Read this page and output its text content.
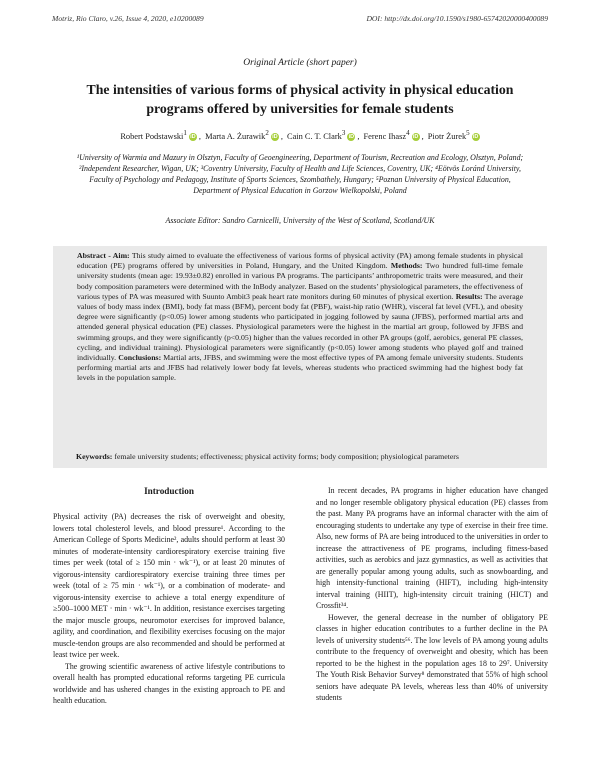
Motriz, Rio Claro, v.26, Issue 4, 2020, e10200089	DOI: http://dx.doi.org/10.1590/s1980-65742020000400089
Original Article (short paper)
The intensities of various forms of physical activity in physical education programs offered by universities for female students
Robert Podstawski$^1$ iD , Marta A. Żurawik$^2$ iD , Cain C. T. Clark$^3$ iD , Ferenc Ihasz$^4$ iD , Piotr Żurek$^5$ iD

¹University of Warmia and Mazury in Olsztyn, Faculty of Geoengineering, Department of Tourism, Recreation and Ecology, Olsztyn, Poland; ²Independent Researcher, Wigan, UK; ³Coventry University, Faculty of Health and Life Sciences, Coventry, UK; ⁴Eötvös Loránd University, Faculty of Psychology and Pedagogy, Institute of Sports Sciences, Szombathely, Hungary; ⁵Poznan University of Physical Education, Department of Physical Education in Gorzow Wielkopolski, Poland

Associate Editor: Sandro Carnicelli, University of the West of Scotland, Scotland/UK

Abstract - Aim: This study aimed to evaluate the effectiveness of various forms of physical activity (PA) among female students in physical education (PE) programs offered by universities in Poland, Hungary, and the United Kingdom. Methods: Two hundred full-time female university students (mean age: 19.93±0.82) enrolled in various PA programs. The participants’ anthropometric traits were measured, and their body composition parameters were determined with the InBody analyzer. Based on the students’ physiological parameters, the effectiveness of various types of PA was measured with Suunto Ambit3 peak heart rate monitors during 60 minutes of physical exertion. Results: The average values of body mass index (BMI), body fat mass (BFM), percent body fat (PBF), waist-hip ratio (WHR), visceral fat level (VFL), and obesity degree were significantly (p<0.05) lower among students who participated in jogging followed by sauna (JFBS), performed martial arts and attended general physical education (PE) classes. Physiological parameters were the highest in the martial art group, followed by JFBS and swimming groups, and they were significantly (p<0.05) higher than the values recorded in other PA groups (golf, aerobics, general PE classes, cycling, and individual training). Physiological parameters were significantly (p<0.05) lower among students who played golf and trained individually. Conclusions: Martial arts, JFBS, and swimming were the most effective types of PA among female university students. Students performing martial arts and JFBS had relatively lower body fat levels, whereas students who practiced swimming had the highest body fat levels in the population sample.

Keywords: female university students; effectiveness; physical activity forms; body composition; physiological parameters

Introduction

Physical activity (PA) decreases the risk of overweight and obesity, lowers total cholesterol levels, and blood pressure¹. According to the American College of Sports Medicine², adults should perform at least 30 minutes of moderate-intensity cardiorespiratory exercise training five times per week (total of ≥ 150 min · wk⁻¹), or at least 20 minutes of vigorous-intensity cardiorespiratory exercise training three times per week (total of ≥ 75 min · wk⁻¹), or a combination of moderate- and vigorous-intensity exercise to achieve a total energy expenditure of ≥500–1000 MET · min · wk⁻¹. In addition, resistance exercises targeting the major muscle groups, neuromotor exercises for improved balance, agility, and coordination, and flexibility exercises focusing on the major muscle-tendon groups are also recommended and should be performed at least twice per week.

The growing scientific awareness of active lifestyle contributions to overall health has prompted educational reforms targeting PE curricula worldwide and has ushered changes in the existing approach to PE and health education.

In recent decades, PA programs in higher education have changed and no longer resemble obligatory physical education (PE) classes from the past. Many PA programs have an informal character with the aim of encouraging students to undertake any type of exercise in their free time. Also, new forms of PA are being introduced to the universities in order to increase the attractiveness of PE programs, including fitness-based activities, such as aerobics and jazz gymnastics, as well as activities that are generally popular among young adults, such as snowboarding, and high intensity-functional training (HIFT), including high-intensity interval training (HIIT), high-intensity circuit training (HICT) and Crossfit³⁴.

However, the general decrease in the number of obligatory PE classes in higher education contributes to a further decline in the PA levels of university students⁵⁶. The low levels of PA among young adults contribute to the frequency of overweight and obesity, which has been reported to be the highest in the population ages 18 to 29⁷. University The Youth Risk Behavior Survey⁸ demonstrated that 55% of high school seniors have adequate PA levels, whereas less than 40% of university students
